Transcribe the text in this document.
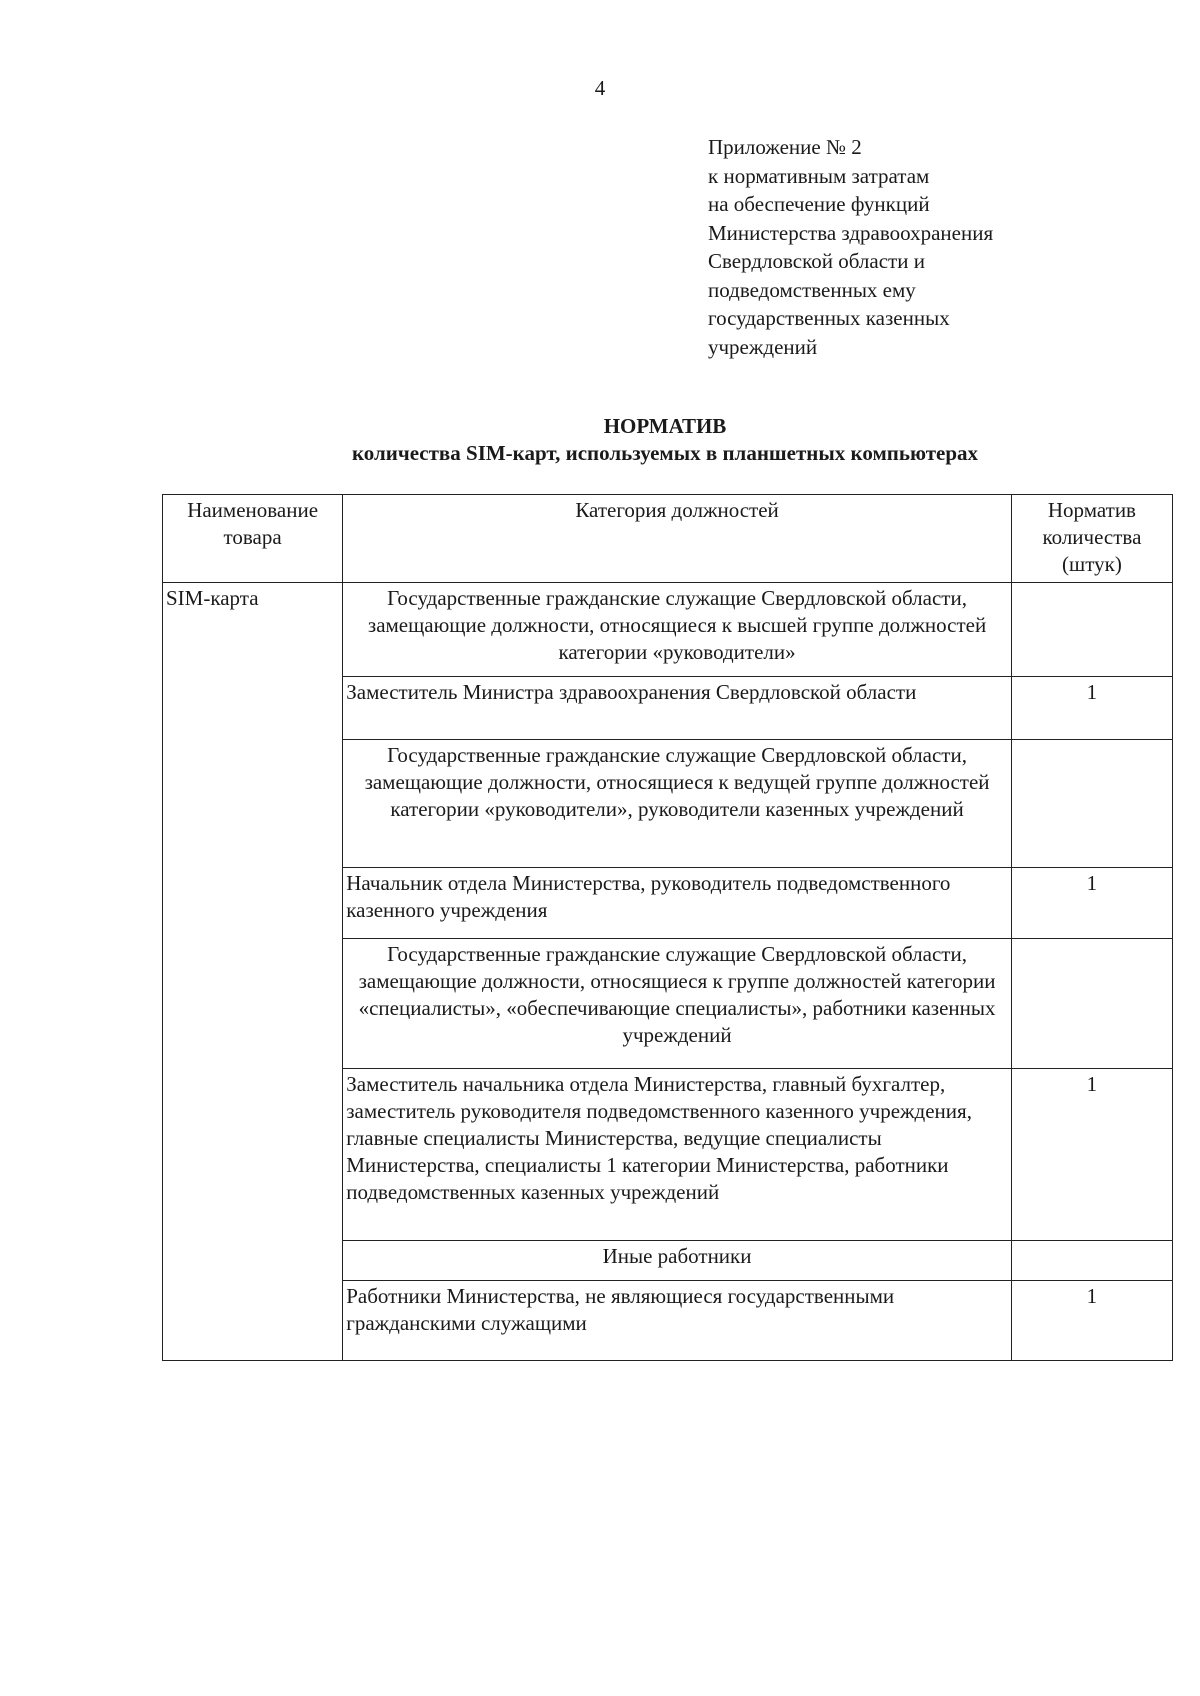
4
Приложение № 2
к нормативным затратам
на обеспечение функций
Министерства здравоохранения
Свердловской области и
подведомственных ему
государственных казенных
учреждений
НОРМАТИВ
количества SIM-карт, используемых в планшетных компьютерах
Наименование товара	Категория должностей	Норматив количества (штук)
SIM-карта	Государственные гражданские служащие Свердловской области, замещающие должности, относящиеся к высшей группе должностей категории «руководители»	
	Заместитель Министра здравоохранения Свердловской области	1
	Государственные гражданские служащие Свердловской области, замещающие должности, относящиеся к ведущей группе должностей категории «руководители», руководители казенных учреждений	
	Начальник отдела Министерства, руководитель подведомственного казенного учреждения	1
	Государственные гражданские служащие Свердловской области, замещающие должности, относящиеся к группе должностей категории «специалисты», «обеспечивающие специалисты», работники казенных учреждений	
	Заместитель начальника отдела Министерства, главный бухгалтер, заместитель руководителя подведомственного казенного учреждения, главные специалисты Министерства, ведущие специалисты Министерства, специалисты 1 категории Министерства, работники подведомственных казенных учреждений	1
	Иные работники	
	Работники Министерства, не являющиеся государственными гражданскими служащими	1
